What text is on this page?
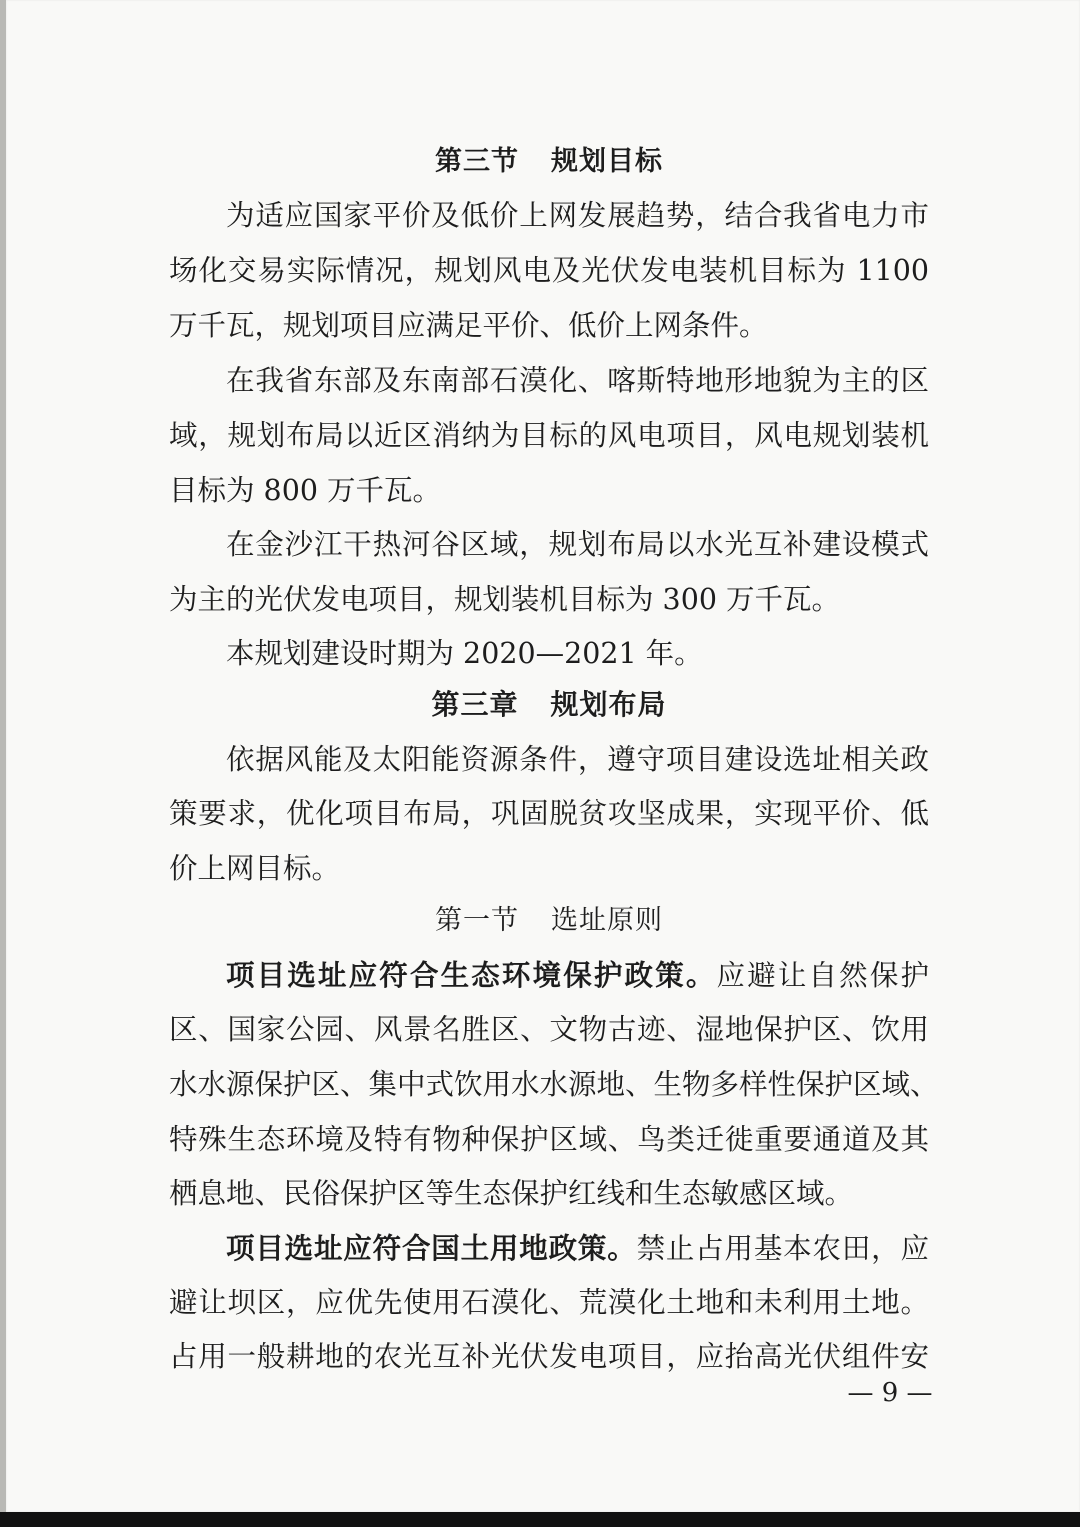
第三节 规划目标
为适应国家平价及低价上网发展趋势，结合我省电力市
场化交易实际情况，规划风电及光伏发电装机目标为 1100
万千瓦，规划项目应满足平价、低价上网条件。
在我省东部及东南部石漠化、喀斯特地形地貌为主的区
域，规划布局以近区消纳为目标的风电项目，风电规划装机
目标为 800 万千瓦。
在金沙江干热河谷区域，规划布局以水光互补建设模式
为主的光伏发电项目，规划装机目标为 300 万千瓦。
本规划建设时期为 2020—2021 年。
第三章 规划布局
依据风能及太阳能资源条件，遵守项目建设选址相关政
策要求，优化项目布局，巩固脱贫攻坚成果，实现平价、低
价上网目标。
第一节 选址原则
项目选址应符合生态环境保护政策。应避让自然保护
区、国家公园、风景名胜区、文物古迹、湿地保护区、饮用
水水源保护区、集中式饮用水水源地、生物多样性保护区域、
特殊生态环境及特有物种保护区域、鸟类迁徙重要通道及其
栖息地、民俗保护区等生态保护红线和生态敏感区域。
项目选址应符合国土用地政策。禁止占用基本农田，应
避让坝区，应优先使用石漠化、荒漠化土地和未利用土地。
占用一般耕地的农光互补光伏发电项目，应抬高光伏组件安
— 9 —
